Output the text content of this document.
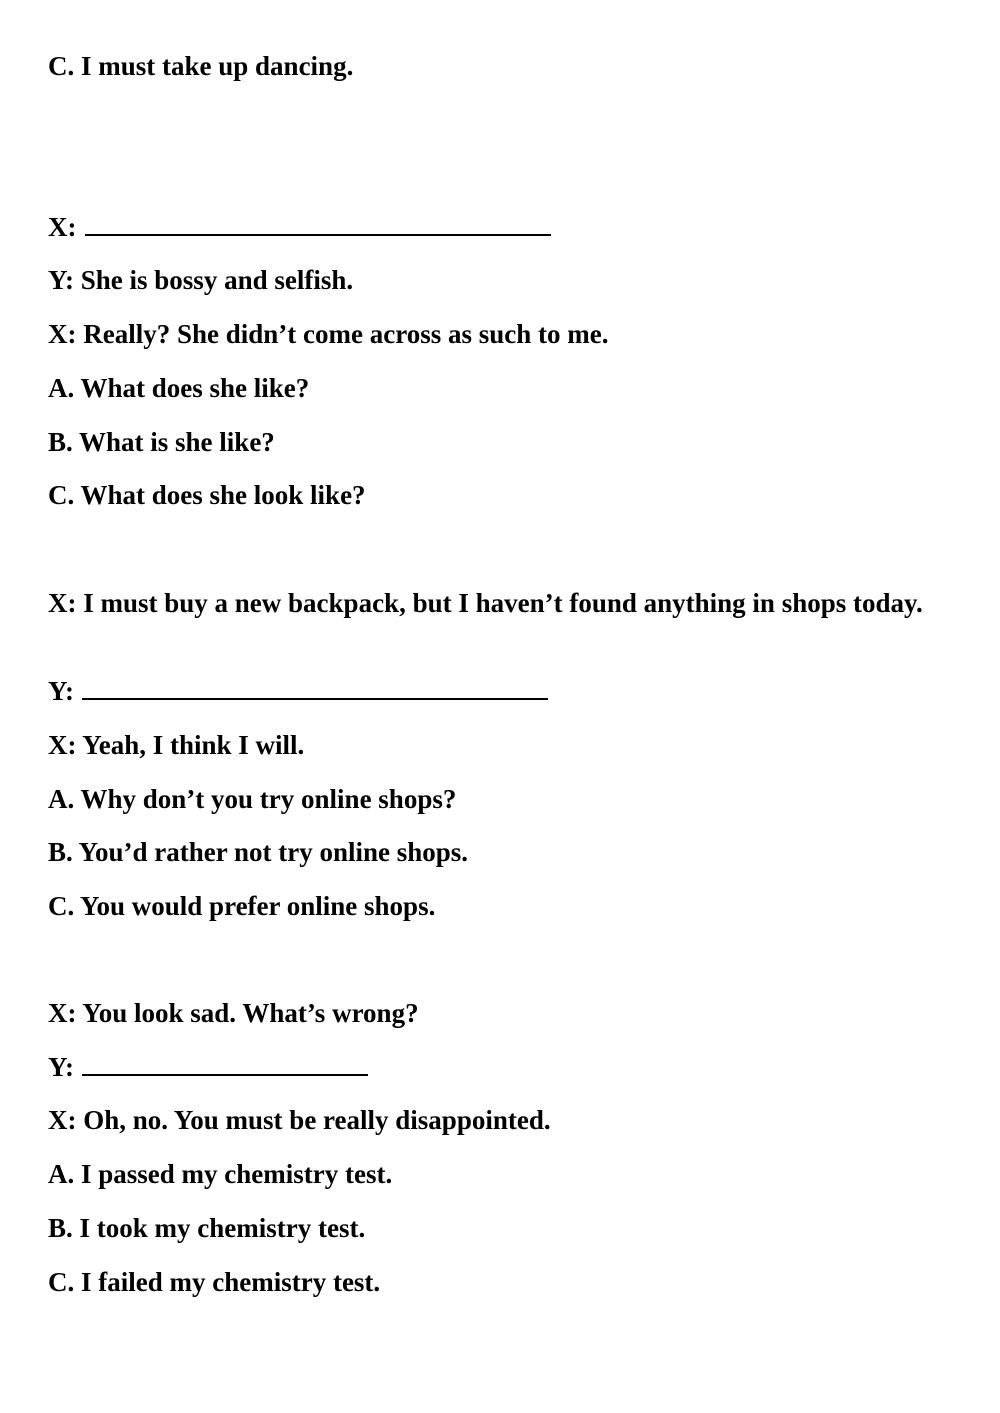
C. I must take up dancing.
X:
Y: She is bossy and selfish.
X: Really? She didn’t come across as such to me.
A. What does she like?
B. What is she like?
C. What does she look like?
X: I must buy a new backpack, but I haven’t found anything in shops today.
Y:
X: Yeah, I think I will.
A. Why don’t you try online shops?
B. You’d rather not try online shops.
C. You would prefer online shops.
X: You look sad. What’s wrong?
Y:
X: Oh, no. You must be really disappointed.
A. I passed my chemistry test.
B. I took my chemistry test.
C. I failed my chemistry test.
